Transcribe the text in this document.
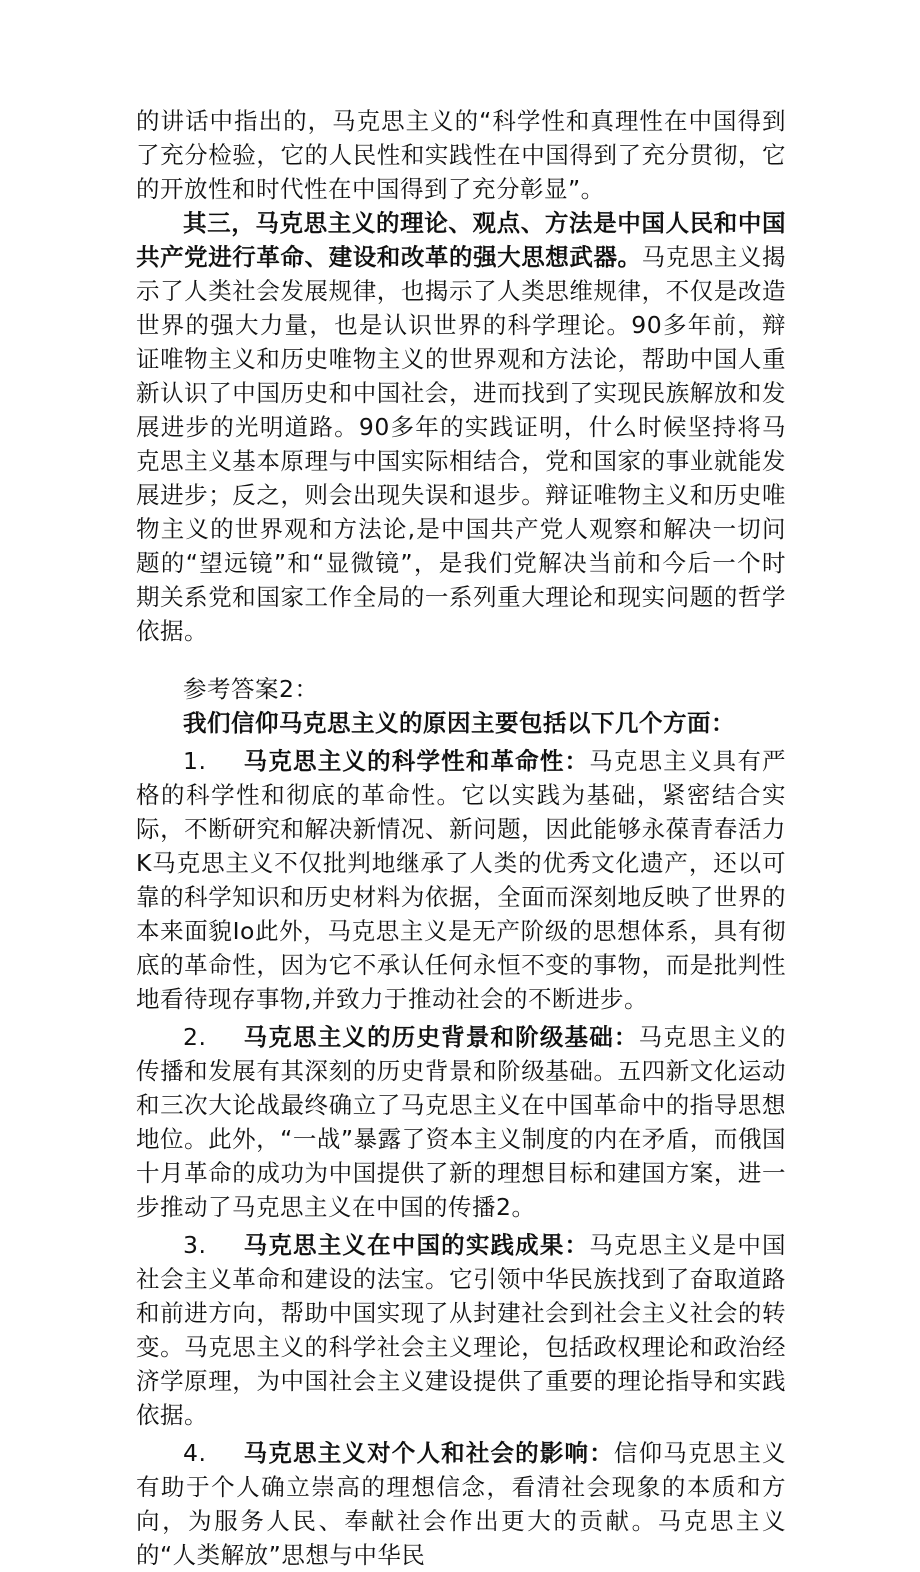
的讲话中指出的，马克思主义的“科学性和真理性在中国得到了充分检验，它的人民性和实践性在中国得到了充分贯彻，它的开放性和时代性在中国得到了充分彰显”。

其三，马克思主义的理论、观点、方法是中国人民和中国共产党进行革命、建设和改革的强大思想武器。马克思主义揭示了人类社会发展规律，也揭示了人类思维规律，不仅是改造世界的强大力量，也是认识世界的科学理论。90多年前，辩证唯物主义和历史唯物主义的世界观和方法论，帮助中国人重新认识了中国历史和中国社会，进而找到了实现民族解放和发展进步的光明道路。90多年的实践证明，什么时候坚持将马克思主义基本原理与中国实际相结合，党和国家的事业就能发展进步；反之，则会出现失误和退步。辩证唯物主义和历史唯物主义的世界观和方法论,是中国共产党人观察和解决一切问题的“望远镜”和“显微镜”，是我们党解决当前和今后一个时期关系党和国家工作全局的一系列重大理论和现实问题的哲学依据。

参考答案2：

我们信仰马克思主义的原因主要包括以下几个方面：

1. 马克思主义的科学性和革命性：马克思主义具有严格的科学性和彻底的革命性。它以实践为基础，紧密结合实际，不断研究和解决新情况、新问题，因此能够永葆青春活力K马克思主义不仅批判地继承了人类的优秀文化遗产，还以可靠的科学知识和历史材料为依据，全面而深刻地反映了世界的本来面貌Io此外，马克思主义是无产阶级的思想体系，具有彻底的革命性，因为它不承认任何永恒不变的事物，而是批判性地看待现存事物,并致力于推动社会的不断进步。

2. 马克思主义的历史背景和阶级基础：马克思主义的传播和发展有其深刻的历史背景和阶级基础。五四新文化运动和三次大论战最终确立了马克思主义在中国革命中的指导思想地位。此外，“一战”暴露了资本主义制度的内在矛盾，而俄国十月革命的成功为中国提供了新的理想目标和建国方案，进一步推动了马克思主义在中国的传播2。

3. 马克思主义在中国的实践成果：马克思主义是中国社会主义革命和建设的法宝。它引领中华民族找到了奋取道路和前进方向，帮助中国实现了从封建社会到社会主义社会的转变。马克思主义的科学社会主义理论，包括政权理论和政治经济学原理，为中国社会主义建设提供了重要的理论指导和实践依据。

4. 马克思主义对个人和社会的影响：信仰马克思主义有助于个人确立崇高的理想信念，看清社会现象的本质和方向，为服务人民、奉献社会作出更大的贡献。马克思主义的“人类解放”思想与中华民
